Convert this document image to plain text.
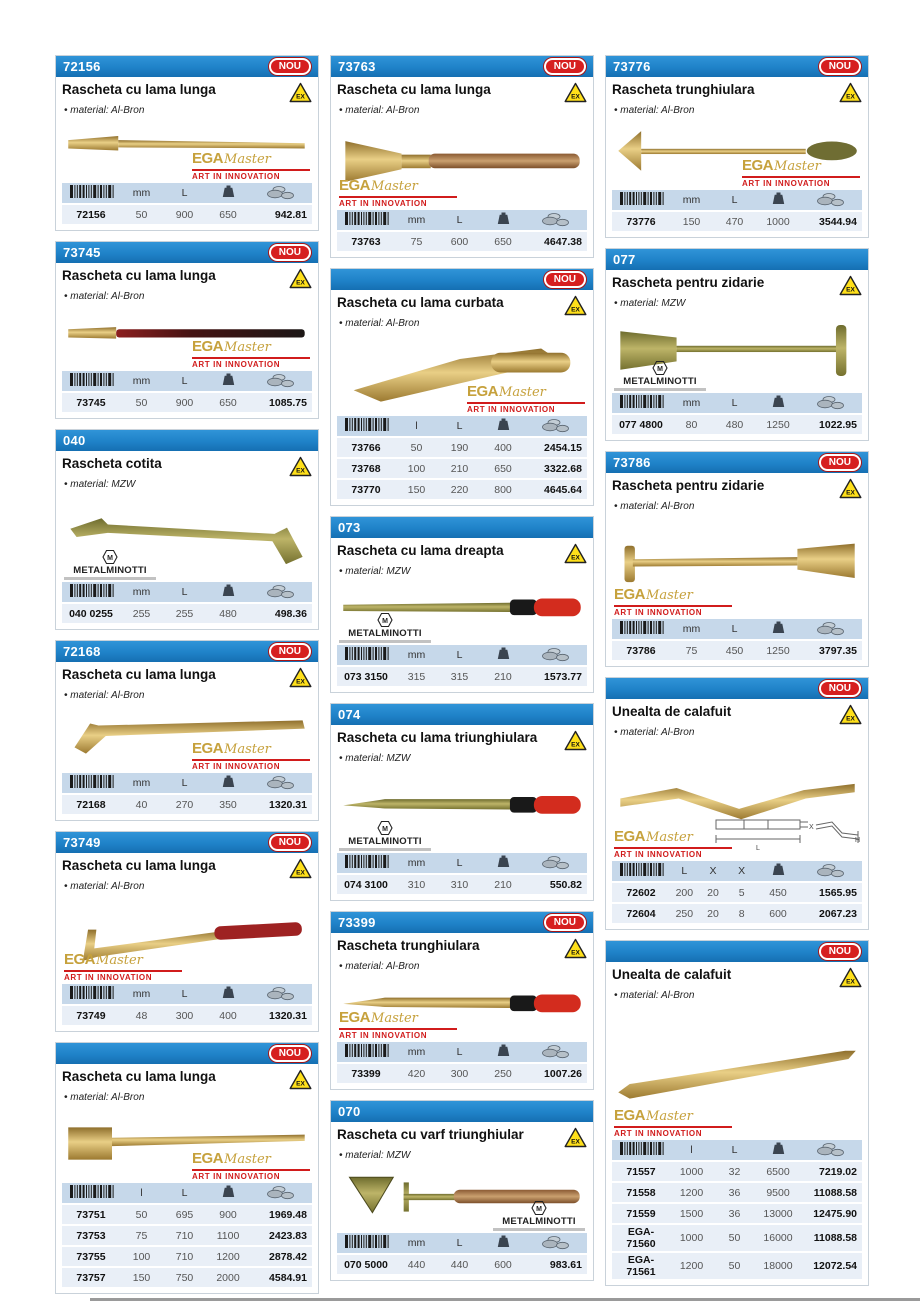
72156	NOU
Rascheta cu lama lunga	EX
• material: Al-Bron
EGAMaster
ART IN INNOVATION
	mm	L		
72156	50	900	650	942.81
73745	NOU
Rascheta cu lama lunga	EX
• material: Al-Bron
EGAMaster
ART IN INNOVATION
	mm	L		
73745	50	900	650	1085.75
040
Rascheta cotita	EX
• material: MZW
M
METALMINOTTI
	mm	L		
040 0255	255	255	480	498.36
72168	NOU
Rascheta cu lama lunga	EX
• material: Al-Bron
EGAMaster
ART IN INNOVATION
	mm	L		
72168	40	270	350	1320.31
73749	NOU
Rascheta cu lama lunga	EX
• material: Al-Bron
EGAMaster
ART IN INNOVATION
	mm	L		
73749	48	300	400	1320.31
NOU
Rascheta cu lama lunga	EX
• material: Al-Bron
EGAMaster
ART IN INNOVATION
	l	L		
73751	50	695	900	1969.48
73753	75	710	1100	2423.83
73755	100	710	1200	2878.42
73757	150	750	2000	4584.91
73763	NOU
Rascheta cu lama lunga	EX
• material: Al-Bron
EGAMaster
ART IN INNOVATION
	mm	L		
73763	75	600	650	4647.38
NOU
Rascheta cu lama curbata	EX
• material: Al-Bron
EGAMaster
ART IN INNOVATION
	l	L		
73766	50	190	400	2454.15
73768	100	210	650	3322.68
73770	150	220	800	4645.64
073
Rascheta cu lama dreapta	EX
• material: MZW
M
METALMINOTTI
	mm	L		
073 3150	315	315	210	1573.77
074
Rascheta cu lama triunghiulara	EX
• material: MZW
M
METALMINOTTI
	mm	L		
074 3100	310	310	210	550.82
73399	NOU
Rascheta trunghiulara	EX
• material: Al-Bron
EGAMaster
ART IN INNOVATION
	mm	L		
73399	420	300	250	1007.26
070
Rascheta cu varf triunghiular	EX
• material: MZW
M
METALMINOTTI
	mm	L		
070 5000	440	440	600	983.61
73776	NOU
Rascheta trunghiulara	EX
• material: Al-Bron
EGAMaster
ART IN INNOVATION
	mm	L		
73776	150	470	1000	3544.94
077
Rascheta pentru zidarie	EX
• material: MZW
M
METALMINOTTI
	mm	L		
077 4800	80	480	1250	1022.95
73786	NOU
Rascheta pentru zidarie	EX
• material: Al-Bron
EGAMaster
ART IN INNOVATION
	mm	L		
73786	75	450	1250	3797.35
NOU
Unealta de calafuit	EX
• material: Al-Bron
X
L
H
EGAMaster
ART IN INNOVATION
	L	X	X		
72602	200	20	5	450	1565.95
72604	250	20	8	600	2067.23
NOU
Unealta de calafuit	EX
• material: Al-Bron
EGAMaster
ART IN INNOVATION
	l	L		
71557	1000	32	6500	7219.02
71558	1200	36	9500	11088.58
71559	1500	36	13000	12475.90
EGA-71560	1000	50	16000	11088.58
EGA-71561	1200	50	18000	12072.54
